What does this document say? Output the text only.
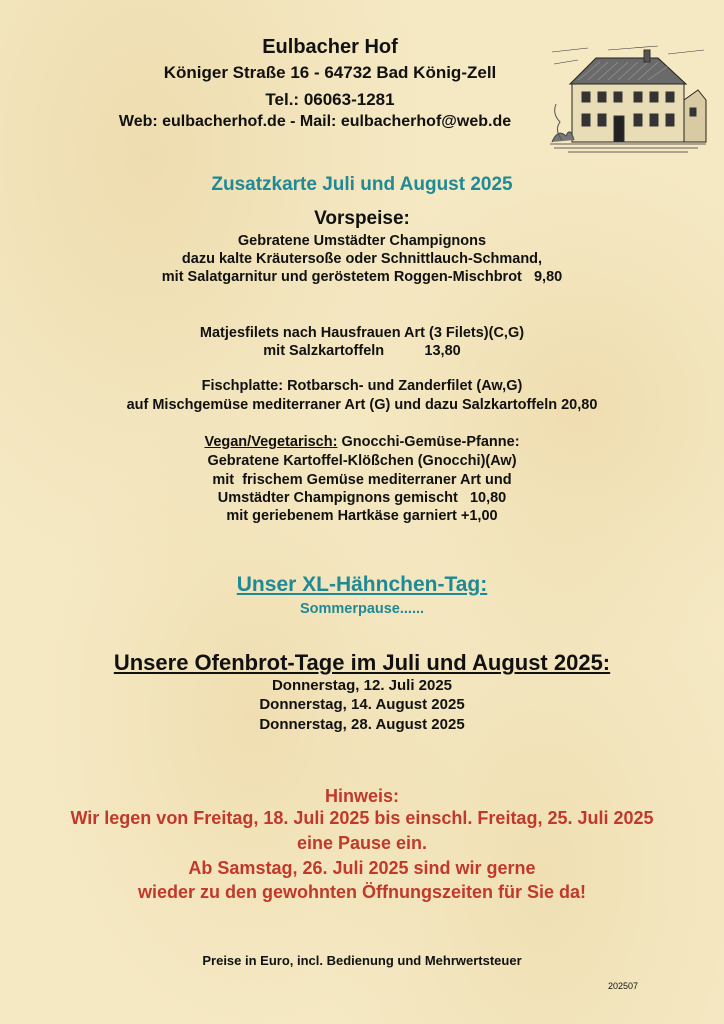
Eulbacher Hof
Königer Straße 16 - 64732 Bad König-Zell
Tel.: 06063-1281
Web: eulbacherhof.de - Mail: eulbacherhof@web.de
Zusatzkarte Juli und August 2025
Vorspeise:
Gebratene Umstädter Champignons
dazu kalte Kräutersoße oder Schnittlauch-Schmand,
mit Salatgarnitur und geröstetem Roggen-Mischbrot   9,80
Matjesfilets nach Hausfrauen Art (3 Filets)(C,G)
mit Salzkartoffeln          13,80
Fischplatte: Rotbarsch- und Zanderfilet (Aw,G)
auf Mischgemüse mediterraner Art (G) und dazu Salzkartoffeln 20,80
Vegan/Vegetarisch: Gnocchi-Gemüse-Pfanne:
Gebratene Kartoffel-Klößchen (Gnocchi)(Aw)
mit  frischem Gemüse mediterraner Art und
Umstädter Champignons gemischt   10,80
mit geriebenem Hartkäse garniert +1,00
Unser XL-Hähnchen-Tag:
Sommerpause......
Unsere Ofenbrot-Tage im Juli und August 2025:
Donnerstag, 12. Juli 2025
Donnerstag, 14. August 2025
Donnerstag, 28. August 2025
Hinweis:
Wir legen von Freitag, 18. Juli 2025 bis einschl. Freitag, 25. Juli 2025
eine Pause ein.
Ab Samstag, 26. Juli 2025 sind wir gerne
wieder zu den gewohnten Öffnungszeiten für Sie da!
Preise in Euro, incl. Bedienung und Mehrwertsteuer
202507
